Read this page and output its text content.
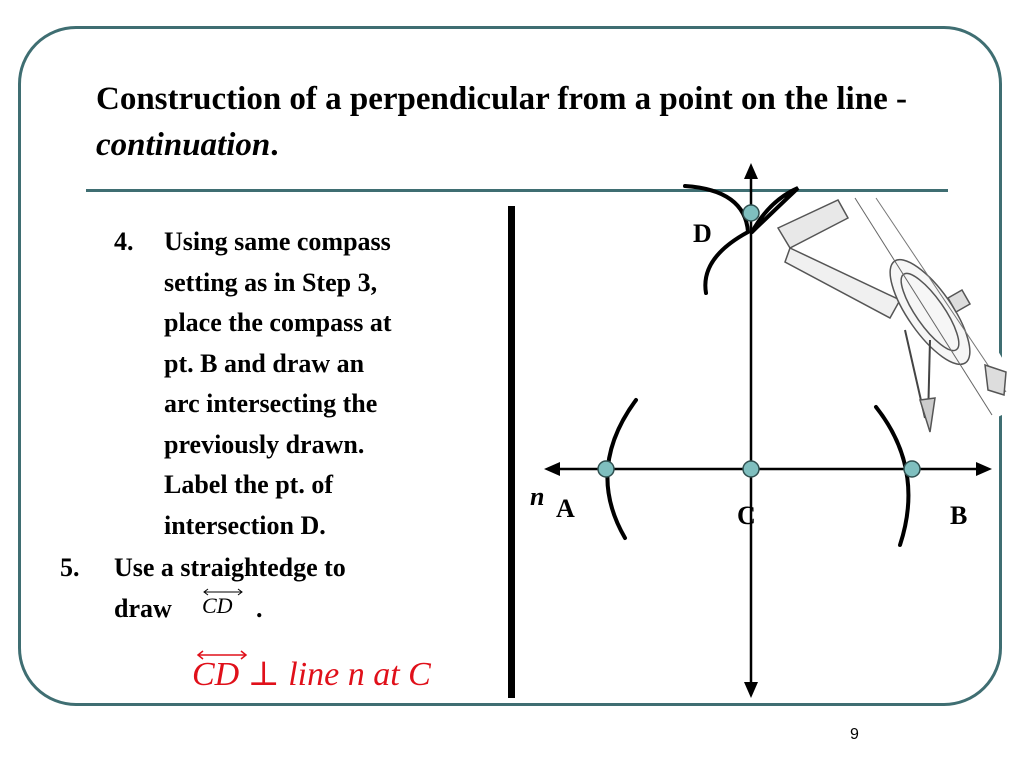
Construction of a perpendicular from a point on the line - continuation.
4. Using same compass
setting as in Step 3,
place the compass at
pt. B and draw an
arc intersecting the
previously drawn.
Label the pt. of
intersection D.
5. Use a straightedge to
draw	CD .
CD ⊥ line n at C
D
A	C	B
n
9
